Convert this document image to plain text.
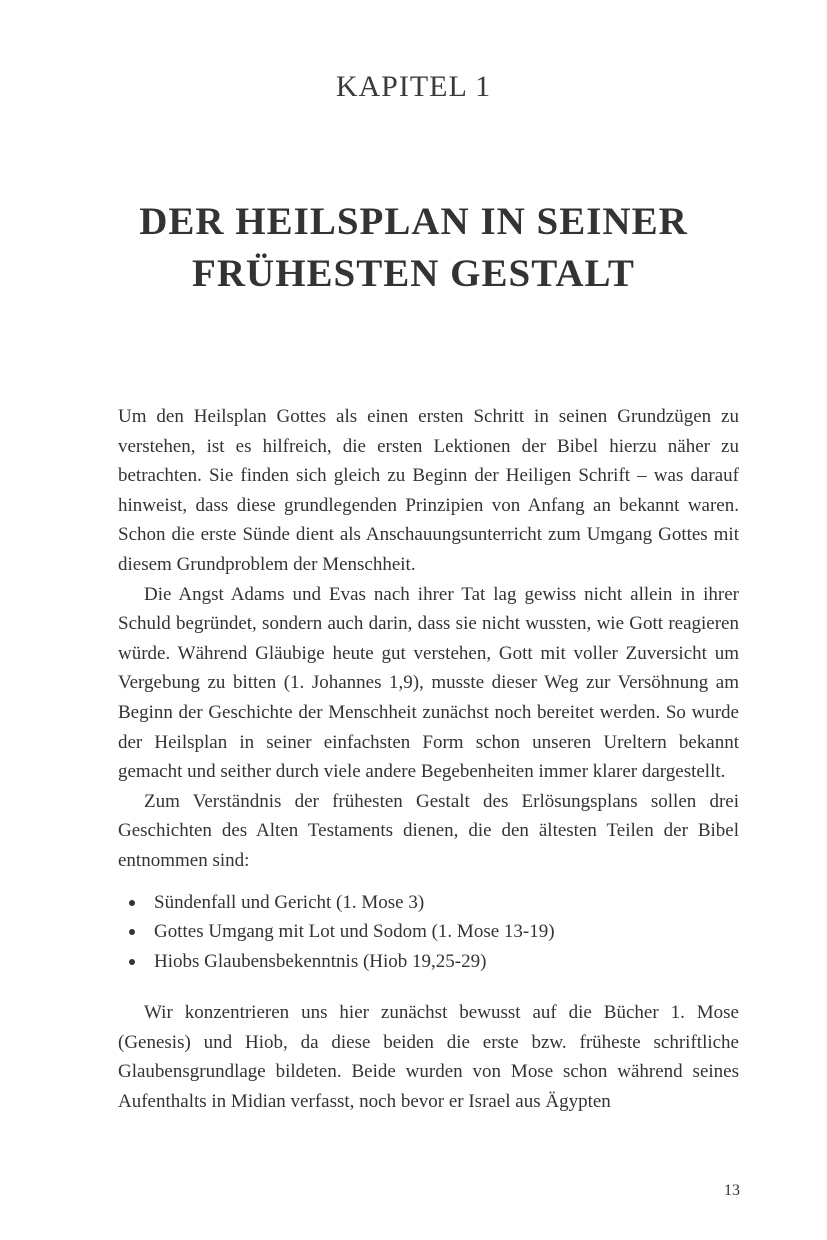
KAPITEL 1
DER HEILSPLAN IN SEINER
FRÜHESTEN GESTALT

Um den Heilsplan Gottes als einen ersten Schritt in seinen Grundzügen zu verstehen, ist es hilfreich, die ersten Lektionen der Bibel hierzu näher zu betrachten. Sie finden sich gleich zu Beginn der Heiligen Schrift – was darauf hinweist, dass diese grundlegenden Prinzipien von Anfang an bekannt waren. Schon die erste Sünde dient als Anschauungsunterricht zum Umgang Gottes mit diesem Grundproblem der Menschheit.

Die Angst Adams und Evas nach ihrer Tat lag gewiss nicht allein in ihrer Schuld begründet, sondern auch darin, dass sie nicht wussten, wie Gott reagieren würde. Während Gläubige heute gut verstehen, Gott mit voller Zuversicht um Vergebung zu bitten (1. Johannes 1,9), musste dieser Weg zur Versöhnung am Beginn der Geschichte der Menschheit zunächst noch bereitet werden. So wurde der Heilsplan in seiner einfachsten Form schon unseren Ureltern bekannt gemacht und seither durch viele andere Begebenheiten immer klarer dargestellt.

Zum Verständnis der frühesten Gestalt des Erlösungsplans sollen drei Geschichten des Alten Testaments dienen, die den ältesten Teilen der Bibel entnommen sind:

Sündenfall und Gericht (1. Mose 3)
Gottes Umgang mit Lot und Sodom (1. Mose 13-19)
Hiobs Glaubensbekenntnis (Hiob 19,25-29)

Wir konzentrieren uns hier zunächst bewusst auf die Bücher 1. Mose (Genesis) und Hiob, da diese beiden die erste bzw. früheste schriftliche Glaubensgrundlage bildeten. Beide wurden von Mose schon während seines Aufenthalts in Midian verfasst, noch bevor er Israel aus Ägypten

13
